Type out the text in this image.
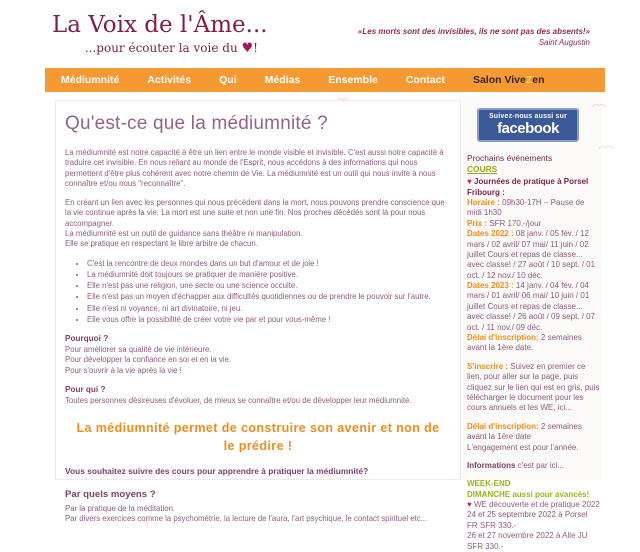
La Voix de l'Âme...
...pour écouter la voie du ♥!
«Les morts sont des invisibles, ils ne sont pas des absents!»
Saint Augustin
Médiumnité	Activités	Qui	Médias	Ensemble	Contact	Salon ViveZen
Qu'est-ce que la médiumnité ?
La médiumnité est notre capacité à être un lien entre le monde visible et invisible. C'est aussi notre capacité à traduire cet invisible. En nous reliant au monde de l'Esprit, nous accédons à des informations qui nous permettent d'être plus cohérent avec notre chemin de Vie. La médiumnité est un outil qui nous invite à nous connaître et/ou nous "reconnaître".
En créant un lien avec les personnes qui nous précèdent dans la mort, nous pouvons prendre conscience que la vie continue après la vie. La mort est une suite et non une fin. Nos proches décédés sont là pour nous accompagner.
La médiumnité est un outil de guidance sans théâtre ni manipulation.
Elle se pratique en respectant le libre arbitre de chacun.
• C'est la rencontre de deux mondes dans un but d'amour et de joie !
• La médiumnité doit toujours se pratiquer de manière positive.
• Elle n'est pas une religion, une secte ou une science occulte.
• Elle n'est pas un moyen d'échapper aux difficultés quotidiennes ou de prendre le pouvoir sur l'autre.
• Elle n'est ni voyance, ni art divinatoire, ni jeu.
• Elle vous offre la possibilité de créer votre vie par et pour vous-même !
Pourquoi ?
Pour améliorer sa qualité de vie intérieure.
Pour développer la confiance en soi et en la vie.
Pour s'ouvrir à la vie après la vie !
Pour qui ?
Toutes personnes désireuses d'évoluer, de mieux se connaître et/ou de développer leur médiumnité.
La médiumnité permet de construire son avenir et non de le prédire !
Vous souhaitez suivre des cours pour apprendre à pratiquer la médiumnité?
Par quels moyens ?
Par la pratique de la méditation.
Par divers exercices comme la psychométrie, la lecture de l'aura, l'art psychique, le contact spirituel etc...
Suivez-nous aussi sur
facebook
Prochains événements
COURS
♥ Journées de pratique à Porsel Fribourg :
Horaire : 09h30-17H – Pause de midi 1h30
Prix : SFR 170.-/jour
Dates 2022 : 08 janv. / 05 fév. / 12 mars / 02 avril/ 07 mai/ 11 juin / 02 juillet Cours et repas de classe... avec classe! / 27 août / 10 sept. / 01 oct. / 12 nov./ 10 déc.
Dates 2023 : 14 janv. / 04 fév. / 04 mars / 01 avril/ 06 mai/ 10 juin / 01 juillet Cours et repas de classe... avec classe! / 26 août / 09 sept. / 07 oct. / 11 nov./ 09 déc.
Délai d'inscription: 2 semaines avant la 1ère date.
S'inscrire : Suivez en premier ce lien, pour aller sur la page, puis cliquez sur le lien qui est en gris, puis télécharger le document pour les cours annuels et les WE, ici...
Délai d'inscription: 2 semaines avant la 1ère date
L'engagement est pour l'année.
Informations c'est par ici...
WEEK-END
DIMANCHE aussi pour avancés!
♥ WE découverte et de pratique 2022
24 et 25 septembre 2022 à Porsel FR SFR 330.-
26 et 27 novembre 2022 à Alle JU SFR 330.-
